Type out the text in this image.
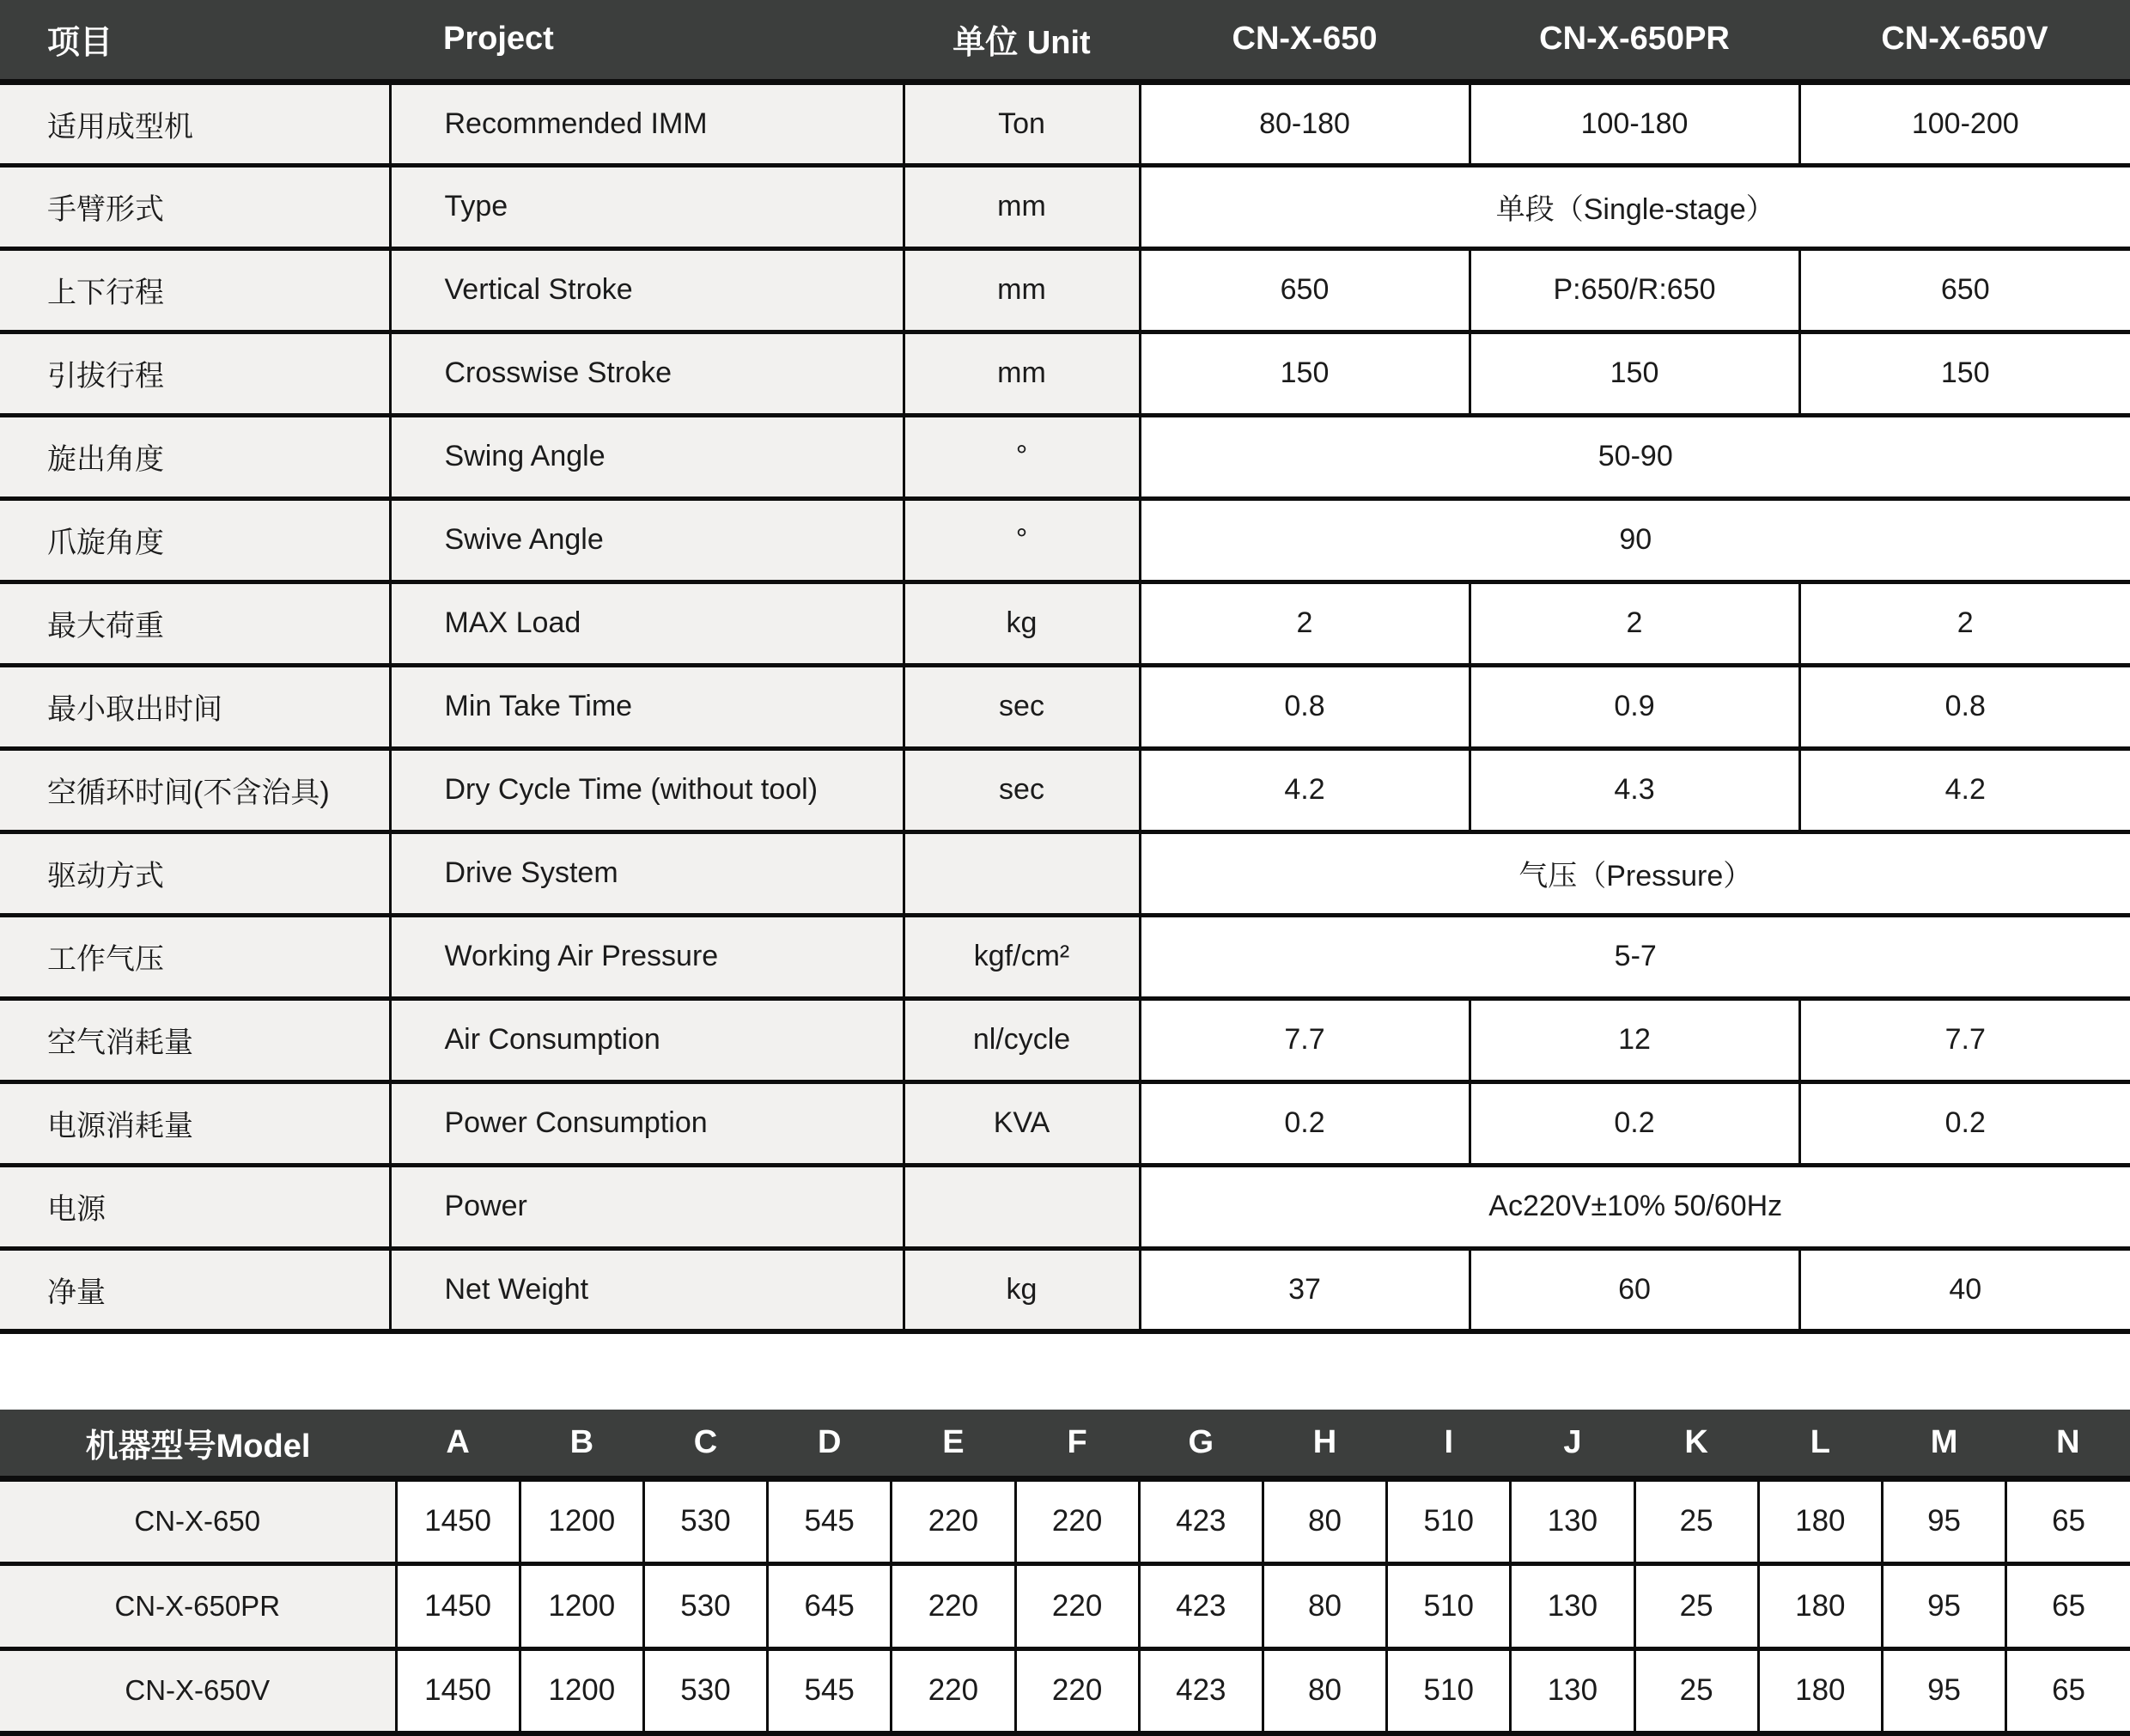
项目	Project	单位 Unit	CN-X-650	CN-X-650PR	CN-X-650V
适用成型机	Recommended IMM	Ton	80-180	100-180	100-200
手臂形式	Type	mm	单段（Single-stage）		
上下行程	Vertical Stroke	mm	650	P:650/R:650	650
引拔行程	Crosswise Stroke	mm	150	150	150
旋出角度	Swing Angle	°	50-90		
爪旋角度	Swive Angle	°	90		
最大荷重	MAX Load	kg	2	2	2
最小取出时间	Min Take Time	sec	0.8	0.9	0.8
空循环时间(不含治具)	Dry Cycle Time (without tool)	sec	4.2	4.3	4.2
驱动方式	Drive System		气压（Pressure）		
工作气压	Working Air Pressure	kgf/cm²	5-7		
空气消耗量	Air Consumption	nl/cycle	7.7	12	7.7
电源消耗量	Power Consumption	KVA	0.2	0.2	0.2
电源	Power		Ac220V±10% 50/60Hz		
净量	Net Weight	kg	37	60	40
机器型号Model	A	B	C	D	E	F	G	H	I	J	K	L	M	N
CN-X-650	1450	1200	530	545	220	220	423	80	510	130	25	180	95	65
CN-X-650PR	1450	1200	530	645	220	220	423	80	510	130	25	180	95	65
CN-X-650V	1450	1200	530	545	220	220	423	80	510	130	25	180	95	65
